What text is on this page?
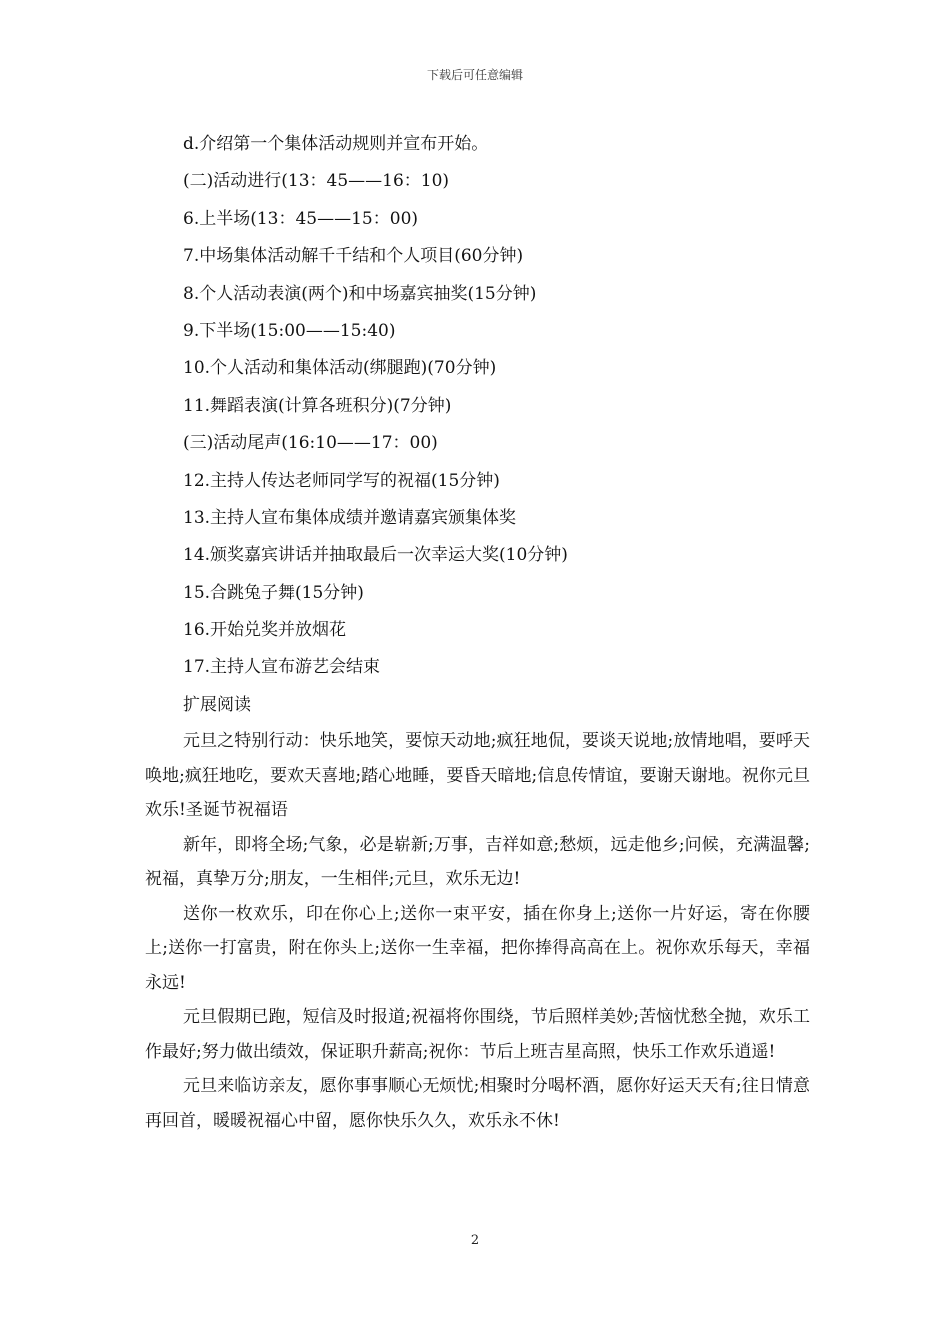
下载后可任意编辑
d.介绍第一个集体活动规则并宣布开始。
(二)活动进行(13：45——16：10)
6.上半场(13：45——15：00)
7.中场集体活动解千千结和个人项目(60分钟)
8.个人活动表演(两个)和中场嘉宾抽奖(15分钟)
9.下半场(15:00——15:40)
10.个人活动和集体活动(绑腿跑)(70分钟)
11.舞蹈表演(计算各班积分)(7分钟)
(三)活动尾声(16:10——17：00)
12.主持人传达老师同学写的祝福(15分钟)
13.主持人宣布集体成绩并邀请嘉宾颁集体奖
14.颁奖嘉宾讲话并抽取最后一次幸运大奖(10分钟)
15.合跳兔子舞(15分钟)
16.开始兑奖并放烟花
17.主持人宣布游艺会结束
扩展阅读

元旦之特别行动：快乐地笑，要惊天动地;疯狂地侃，要谈天说地;放情地唱，要呼天唤地;疯狂地吃，要欢天喜地;踏心地睡，要昏天暗地;信息传情谊，要谢天谢地。祝你元旦欢乐!圣诞节祝福语

新年，即将全场;气象，必是崭新;万事，吉祥如意;愁烦，远走他乡;问候，充满温馨;祝福，真挚万分;朋友，一生相伴;元旦，欢乐无边!

送你一枚欢乐，印在你心上;送你一束平安，插在你身上;送你一片好运，寄在你腰上;送你一打富贵，附在你头上;送你一生幸福，把你捧得高高在上。祝你欢乐每天，幸福永远!

元旦假期已跑，短信及时报道;祝福将你围绕，节后照样美妙;苦恼忧愁全抛，欢乐工作最好;努力做出绩效，保证职升薪高;祝你：节后上班吉星高照，快乐工作欢乐逍遥!

元旦来临访亲友，愿你事事顺心无烦忧;相聚时分喝杯酒，愿你好运天天有;往日情意再回首，暖暖祝福心中留，愿你快乐久久，欢乐永不休!

2
